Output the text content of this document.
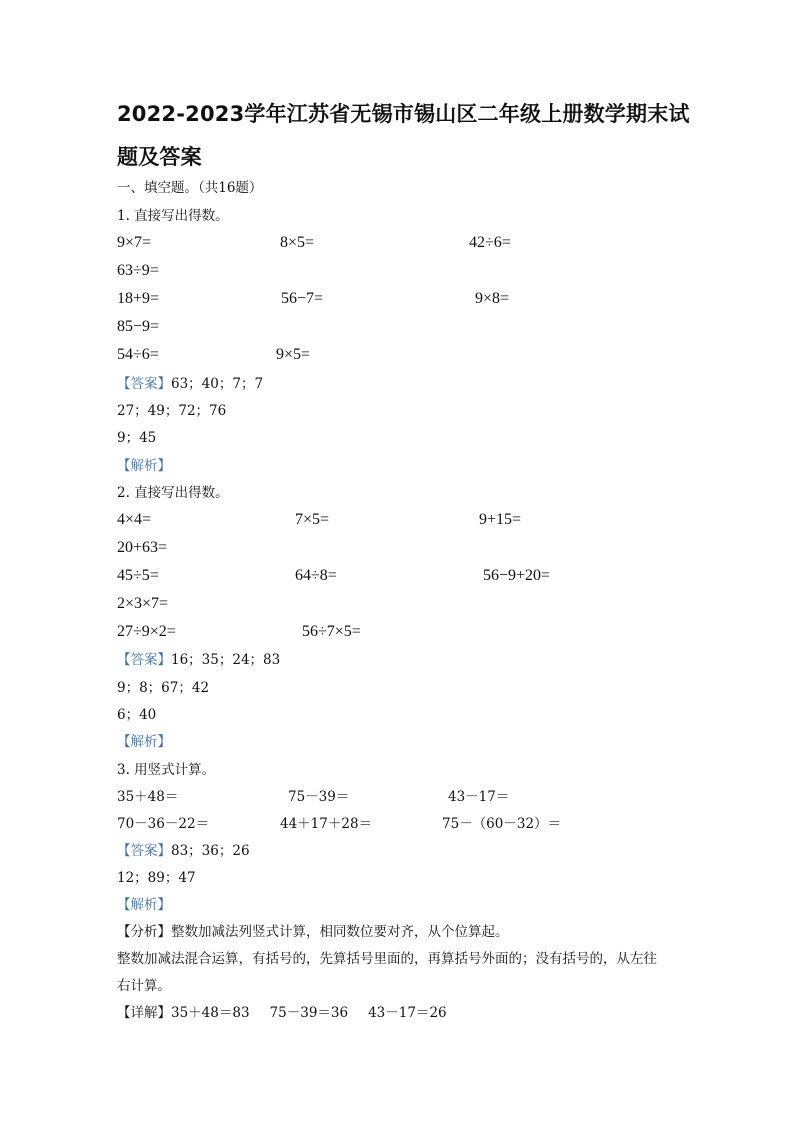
2022-2023学年江苏省无锡市锡山区二年级上册数学期末试
题及答案
一、填空题。（共16题）
1. 直接写出得数。
9×7=	8×5=	42÷6=
63÷9=
18+9=	56−7=	9×8=
85−9=
54÷6=	9×5=
【答案】63；40；7；7
27；49；72；76
9；45
【解析】
2. 直接写出得数。
4×4=	7×5=	9+15=
20+63=
45÷5=	64÷8=	56−9+20=
2×3×7=
27÷9×2=	56÷7×5=
【答案】16；35；24；83
9；8；67；42
6；40
【解析】
3. 用竖式计算。
35＋48＝	75－39＝	43－17＝
70－36－22＝	44＋17＋28＝	75－（60－32）＝
【答案】83；36；26
12；89；47
【解析】
【分析】整数加减法列竖式计算，相同数位要对齐，从个位算起。
整数加减法混合运算，有括号的，先算括号里面的，再算括号外面的；没有括号的，从左往
右计算。
【详解】35＋48＝83 75－39＝36 43－17＝26
